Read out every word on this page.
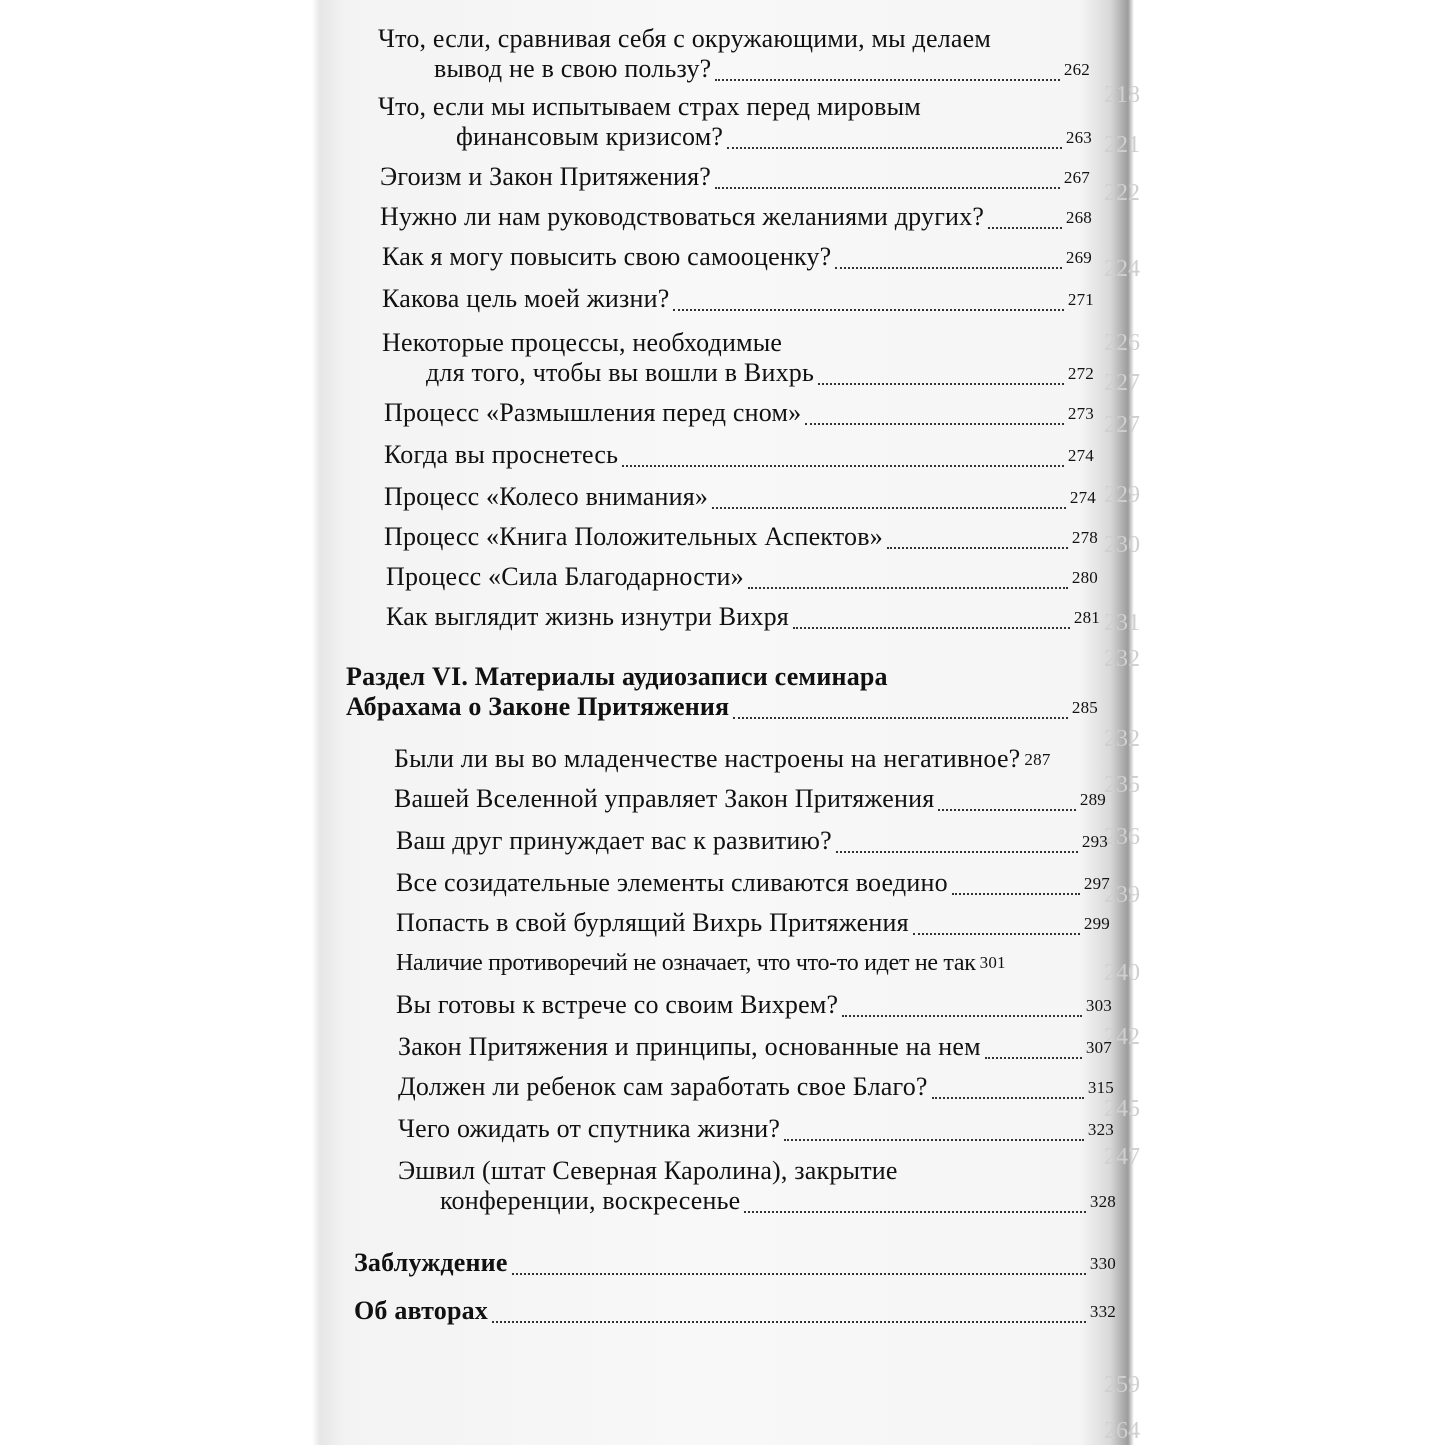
218
221
222
224
226
227
227
229
230
231
232
232
235
236
239
240
242
245
247
259
264
Что, если, сравнивая себя с окружающими, мы делаем
вывод не в свою пользу?	262
Что, если мы испытываем страх перед мировым
финансовым кризисом?	263
Эгоизм и Закон Притяжения?	267
Нужно ли нам руководствоваться желаниями других?	268
Как я могу повысить свою самооценку?	269
Какова цель моей жизни?	271
Некоторые процессы, необходимые
для того, чтобы вы вошли в Вихрь	272
Процесс «Размышления перед сном»	273
Когда вы проснетесь	274
Процесс «Колесо внимания»	274
Процесс «Книга Положительных Аспектов»	278
Процесс «Сила Благодарности»	280
Как выглядит жизнь изнутри Вихря	281
Раздел VI. Материалы аудиозаписи семинара
Абрахама о Законе Притяжения	285
Были ли вы во младенчестве настроены на негативное? 287
Вашей Вселенной управляет Закон Притяжения	289
Ваш друг принуждает вас к развитию?	293
Все созидательные элементы сливаются воедино	297
Попасть в свой бурлящий Вихрь Притяжения	299
Наличие противоречий не означает, что что-то идет не так 301
Вы готовы к встрече со своим Вихрем?	303
Закон Притяжения и принципы, основанные на нем	307
Должен ли ребенок сам заработать свое Благо?	315
Чего ожидать от спутника жизни?	323
Эшвил (штат Северная Каролина), закрытие
конференции, воскресенье	328
Заблуждение	330
Об авторах	332
